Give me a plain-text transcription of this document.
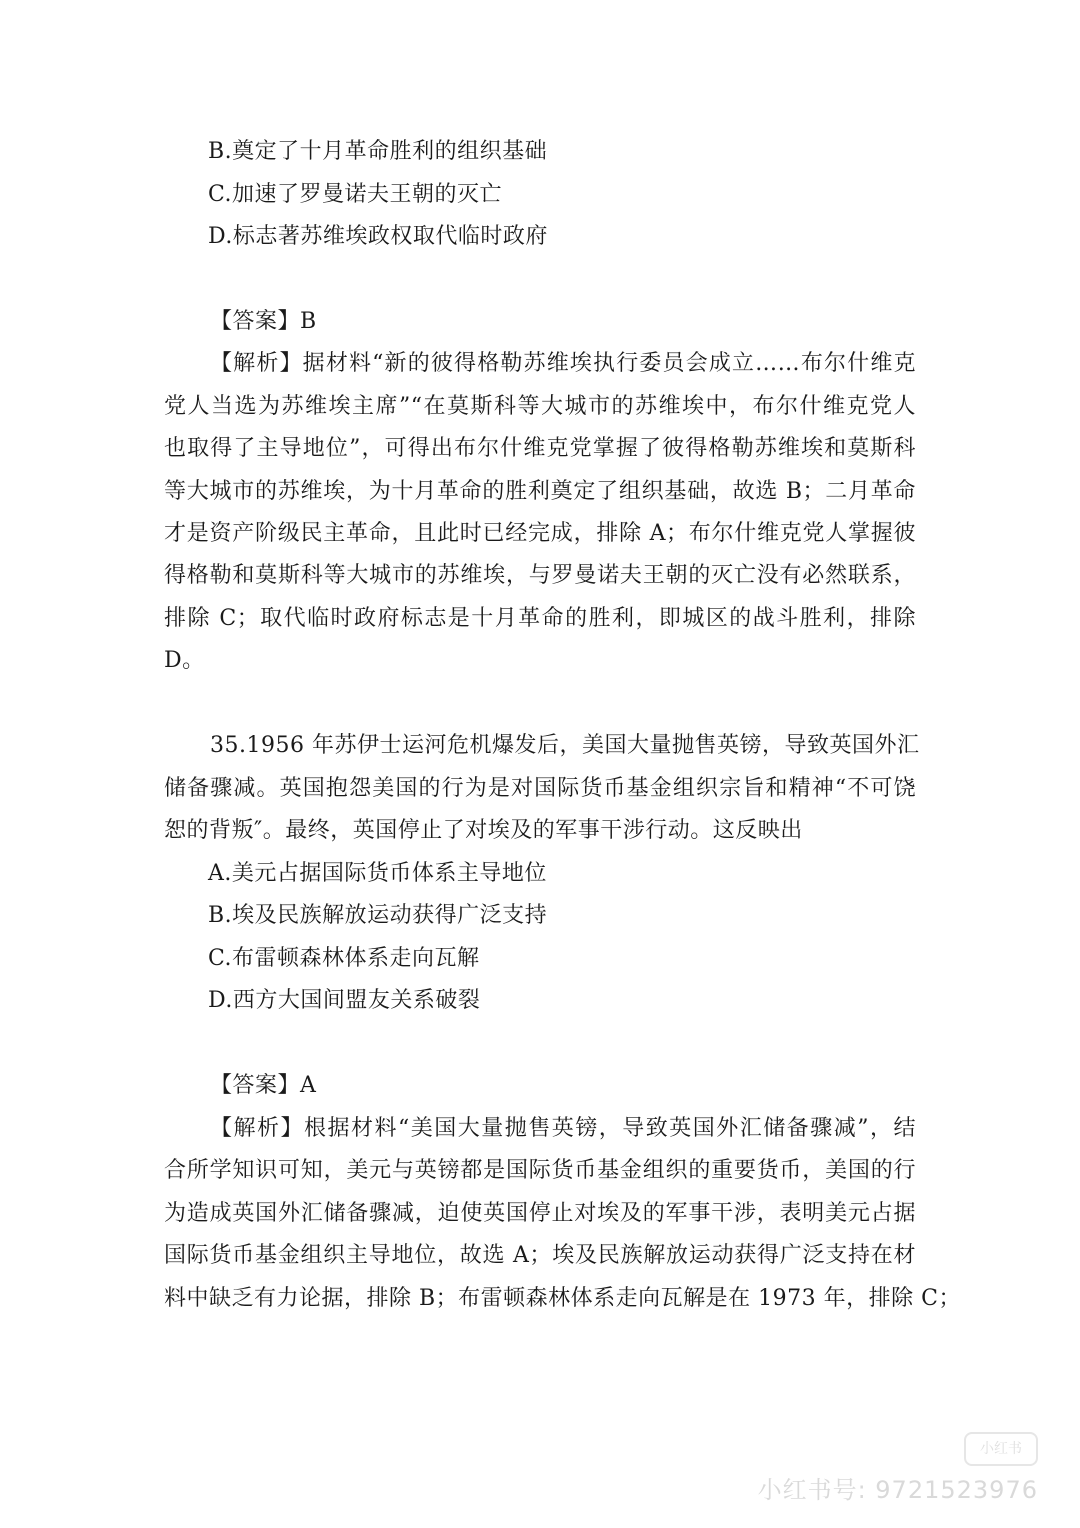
B.奠定了十月革命胜利的组织基础
C.加速了罗曼诺夫王朝的灭亡
D.标志著苏维埃政权取代临时政府
【答案】B
【解析】据材料“新的彼得格勒苏维埃执行委员会成立……布尔什维克
党人当选为苏维埃主席”“在莫斯科等大城市的苏维埃中，布尔什维克党人
也取得了主导地位”，可得出布尔什维克党掌握了彼得格勒苏维埃和莫斯科
等大城市的苏维埃，为十月革命的胜利奠定了组织基础，故选 B；二月革命
才是资产阶级民主革命，且此时已经完成，排除 A；布尔什维克党人掌握彼
得格勒和莫斯科等大城市的苏维埃，与罗曼诺夫王朝的灭亡没有必然联系，
排除 C；取代临时政府标志是十月革命的胜利，即城区的战斗胜利，排除
D。
35.1956 年苏伊士运河危机爆发后，美国大量抛售英镑，导致英国外汇
储备骤减。英国抱怨美国的行为是对国际货币基金组织宗旨和精神“不可饶
恕的背叛″。最终，英国停止了对埃及的军事干涉行动。这反映出
A.美元占据国际货币体系主导地位
B.埃及民族解放运动获得广泛支持
C.布雷顿森林体系走向瓦解
D.西方大国间盟友关系破裂
【答案】A
【解析】根据材料“美国大量抛售英镑，导致英国外汇储备骤减”，结
合所学知识可知，美元与英镑都是国际货币基金组织的重要货币，美国的行
为造成英国外汇储备骤减，迫使英国停止对埃及的军事干涉，表明美元占据
国际货币基金组织主导地位，故选 A；埃及民族解放运动获得广泛支持在材
料中缺乏有力论据，排除 B；布雷顿森林体系走向瓦解是在 1973 年，排除 C；
小红书
小红书号: 9721523976
